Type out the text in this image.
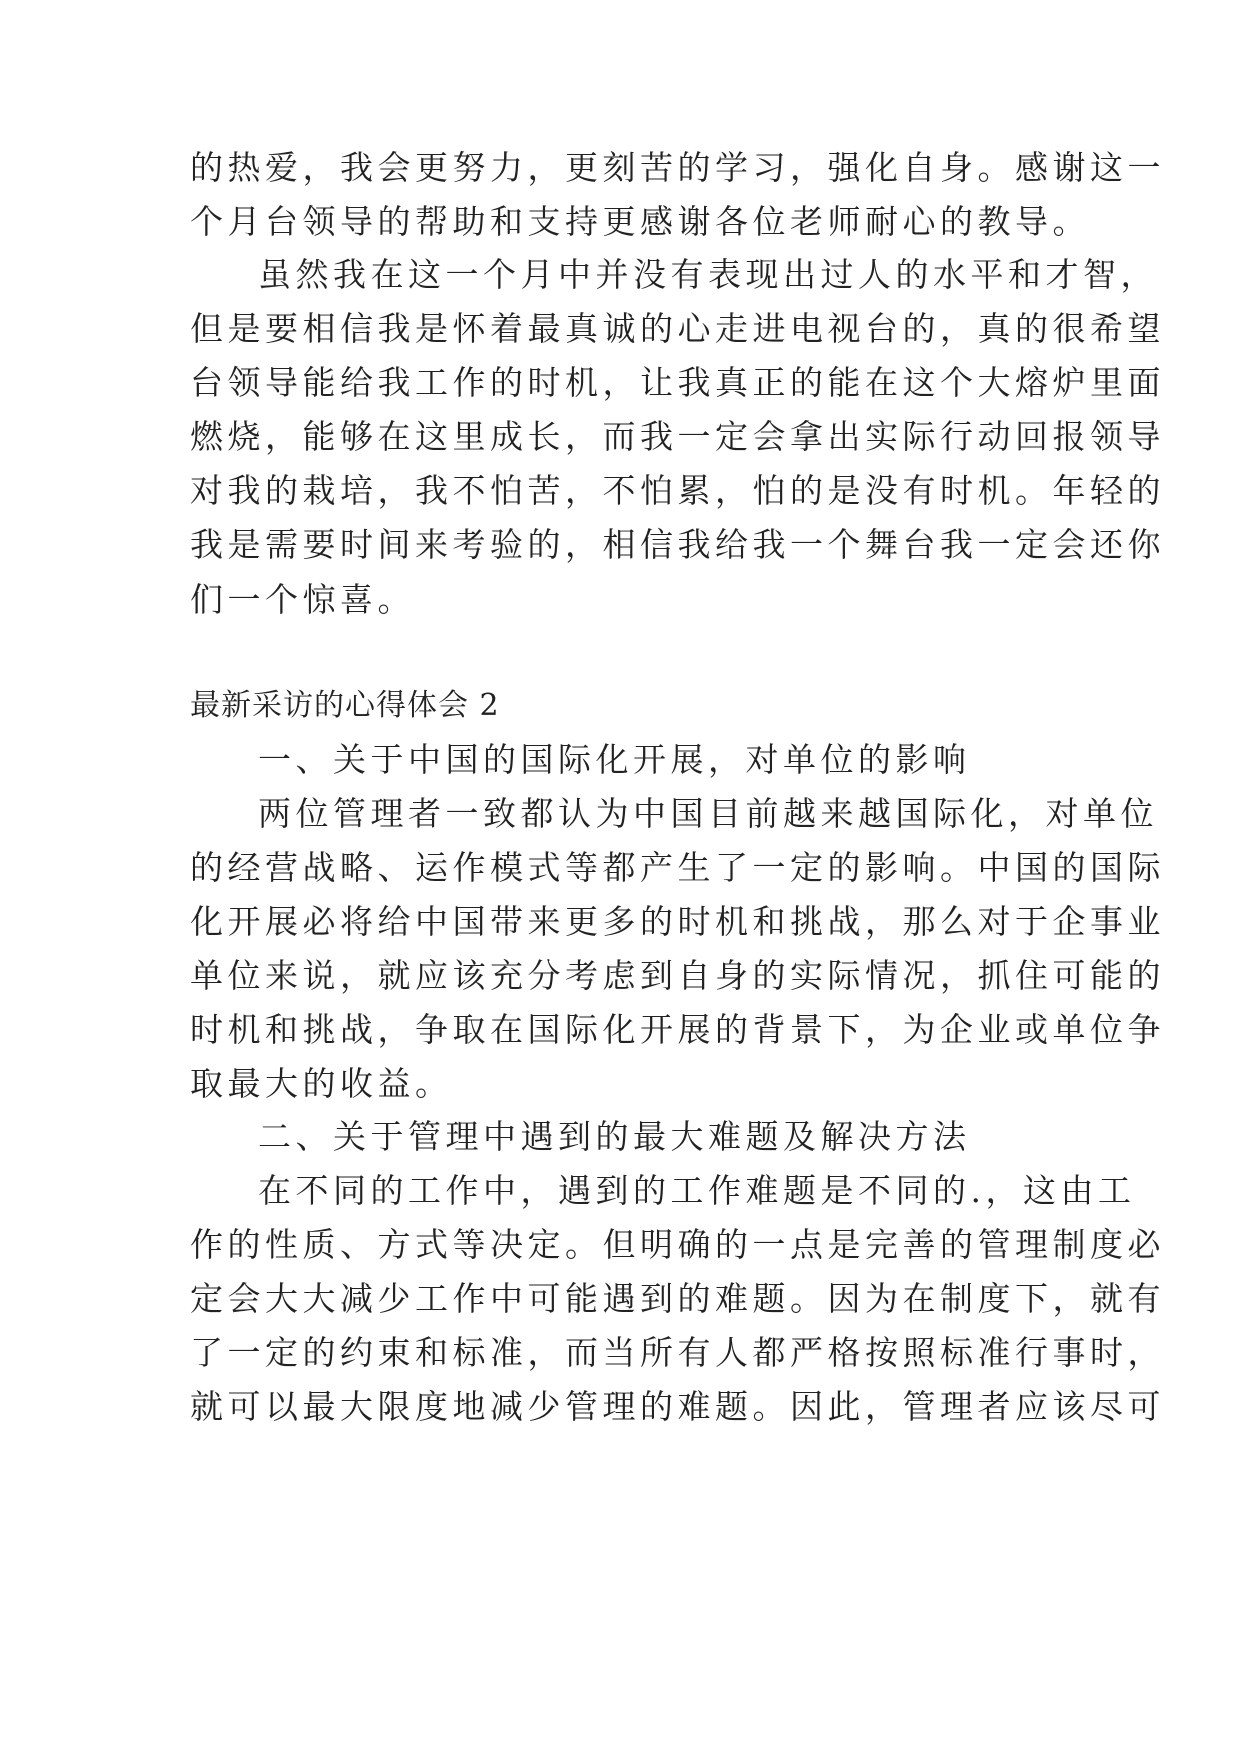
的热爱，我会更努力，更刻苦的学习，强化自身。感谢这一
个月台领导的帮助和支持更感谢各位老师耐心的教导。
虽然我在这一个月中并没有表现出过人的水平和才智，
但是要相信我是怀着最真诚的心走进电视台的，真的很希望
台领导能给我工作的时机，让我真正的能在这个大熔炉里面
燃烧，能够在这里成长，而我一定会拿出实际行动回报领导
对我的栽培，我不怕苦，不怕累，怕的是没有时机。年轻的
我是需要时间来考验的，相信我给我一个舞台我一定会还你
们一个惊喜。
最新采访的心得体会 2
一、关于中国的国际化开展，对单位的影响
两位管理者一致都认为中国目前越来越国际化，对单位
的经营战略、运作模式等都产生了一定的影响。中国的国际
化开展必将给中国带来更多的时机和挑战，那么对于企事业
单位来说，就应该充分考虑到自身的实际情况，抓住可能的
时机和挑战，争取在国际化开展的背景下，为企业或单位争
取最大的收益。
二、关于管理中遇到的最大难题及解决方法
在不同的工作中，遇到的工作难题是不同的.，这由工
作的性质、方式等决定。但明确的一点是完善的管理制度必
定会大大减少工作中可能遇到的难题。因为在制度下，就有
了一定的约束和标准，而当所有人都严格按照标准行事时，
就可以最大限度地减少管理的难题。因此，管理者应该尽可
